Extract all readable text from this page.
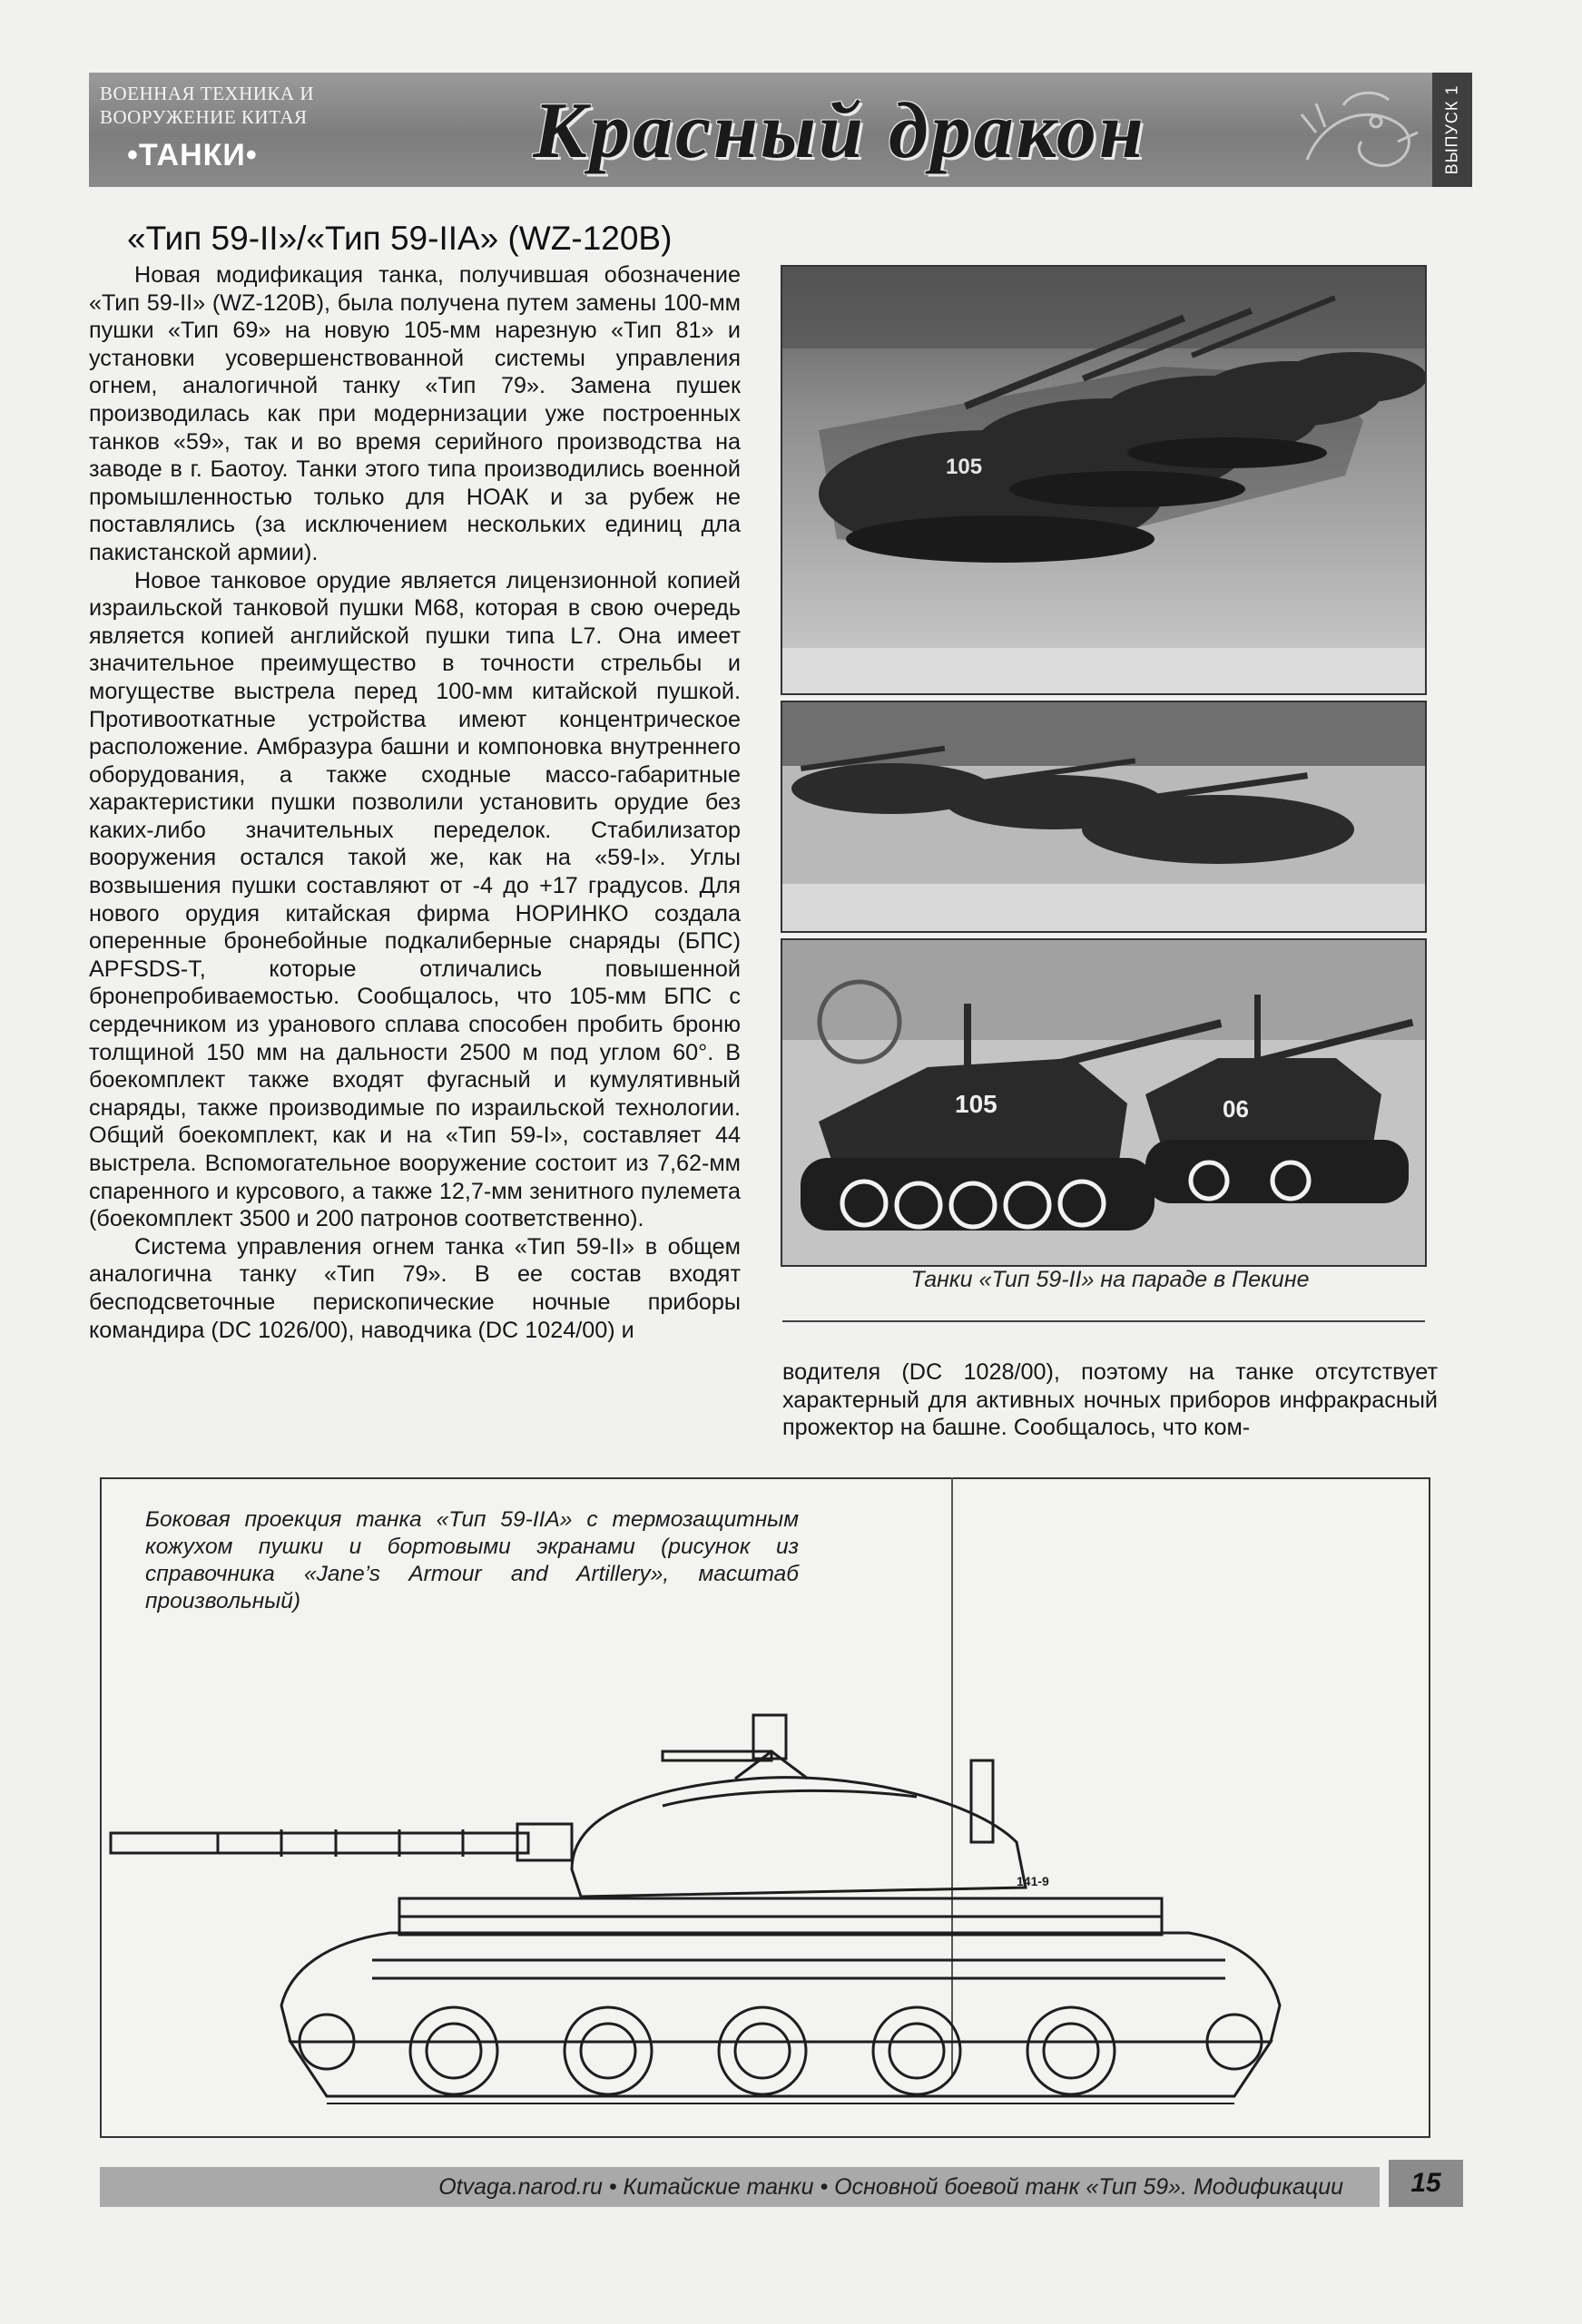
ВОЕННАЯ ТЕХНИКА И
ВООРУЖЕНИЕ КИТАЯ
•ТАНКИ•	Красный дракон	ВЫПУСК 1
«Тип 59-II»/«Тип 59-IIA» (WZ-120B)

Новая модификация танка, получившая обозначение «Тип 59-II» (WZ-120B), была получена путем замены 100-мм пушки «Тип 69» на новую 105-мм нарезную «Тип 81» и установки усовершенствованной системы управления огнем, аналогичной танку «Тип 79». Замена пушек производилась как при модернизации уже построенных танков «59», так и во время серийного производства на заводе в г. Баотоу. Танки этого типа производились военной промышленностью только для НОАК и за рубеж не поставлялись (за исключением нескольких единиц дла пакистанской армии).

Новое танковое орудие является лицензионной копией израильской танковой пушки М68, которая в свою очередь является копией английской пушки типа L7. Она имеет значительное преимущество в точности стрельбы и могуществе выстрела перед 100-мм китайской пушкой. Противооткатные устройства имеют концентрическое расположение. Амбразура башни и компоновка внутреннего оборудования, а также сходные массо-габаритные характеристики пушки позволили установить орудие без каких-либо значительных переделок. Стабилизатор вооружения остался такой же, как на «59-I». Углы возвышения пушки составляют от -4 до +17 градусов. Для нового орудия китайская фирма НОРИНКО создала оперенные бронебойные подкалиберные снаряды (БПС) APFSDS-T, которые отличались повышенной бронепробиваемостью. Сообщалось, что 105-мм БПС с сердечником из уранового сплава способен пробить броню толщиной 150 мм на дальности 2500 м под углом 60°. В боекомплект также входят фугасный и кумулятивный снаряды, также производимые по израильской технологии. Общий боекомплект, как и на «Тип 59-I», составляет 44 выстрела. Вспомогательное вооружение состоит из 7,62-мм спаренного и курсового, а также 12,7-мм зенитного пулемета (боекомплект 3500 и 200 патронов соответственно).

Система управления огнем танка «Тип 59-II» в общем аналогична танку «Тип 79». В ее состав входят бесподсветочные перископические ночные приборы командира (DC 1026/00), наводчика (DC 1024/00) и

105
105	06
Танки «Тип 59-II» на параде в Пекине
водителя (DC 1028/00), поэтому на танке отсутствует характерный для активных ночных приборов инфракрасный прожектор на башне. Сообщалось, что ком-
Боковая проекция танка «Тип 59-IIA» с термозащитным кожухом пушки и бортовыми экранами (рисунок из справочника «Jane’s Armour and Artillery», масштаб произвольный)
141-9
Otvaga.narod.ru • Китайские танки • Основной боевой танк «Тип 59». Модификации	15
